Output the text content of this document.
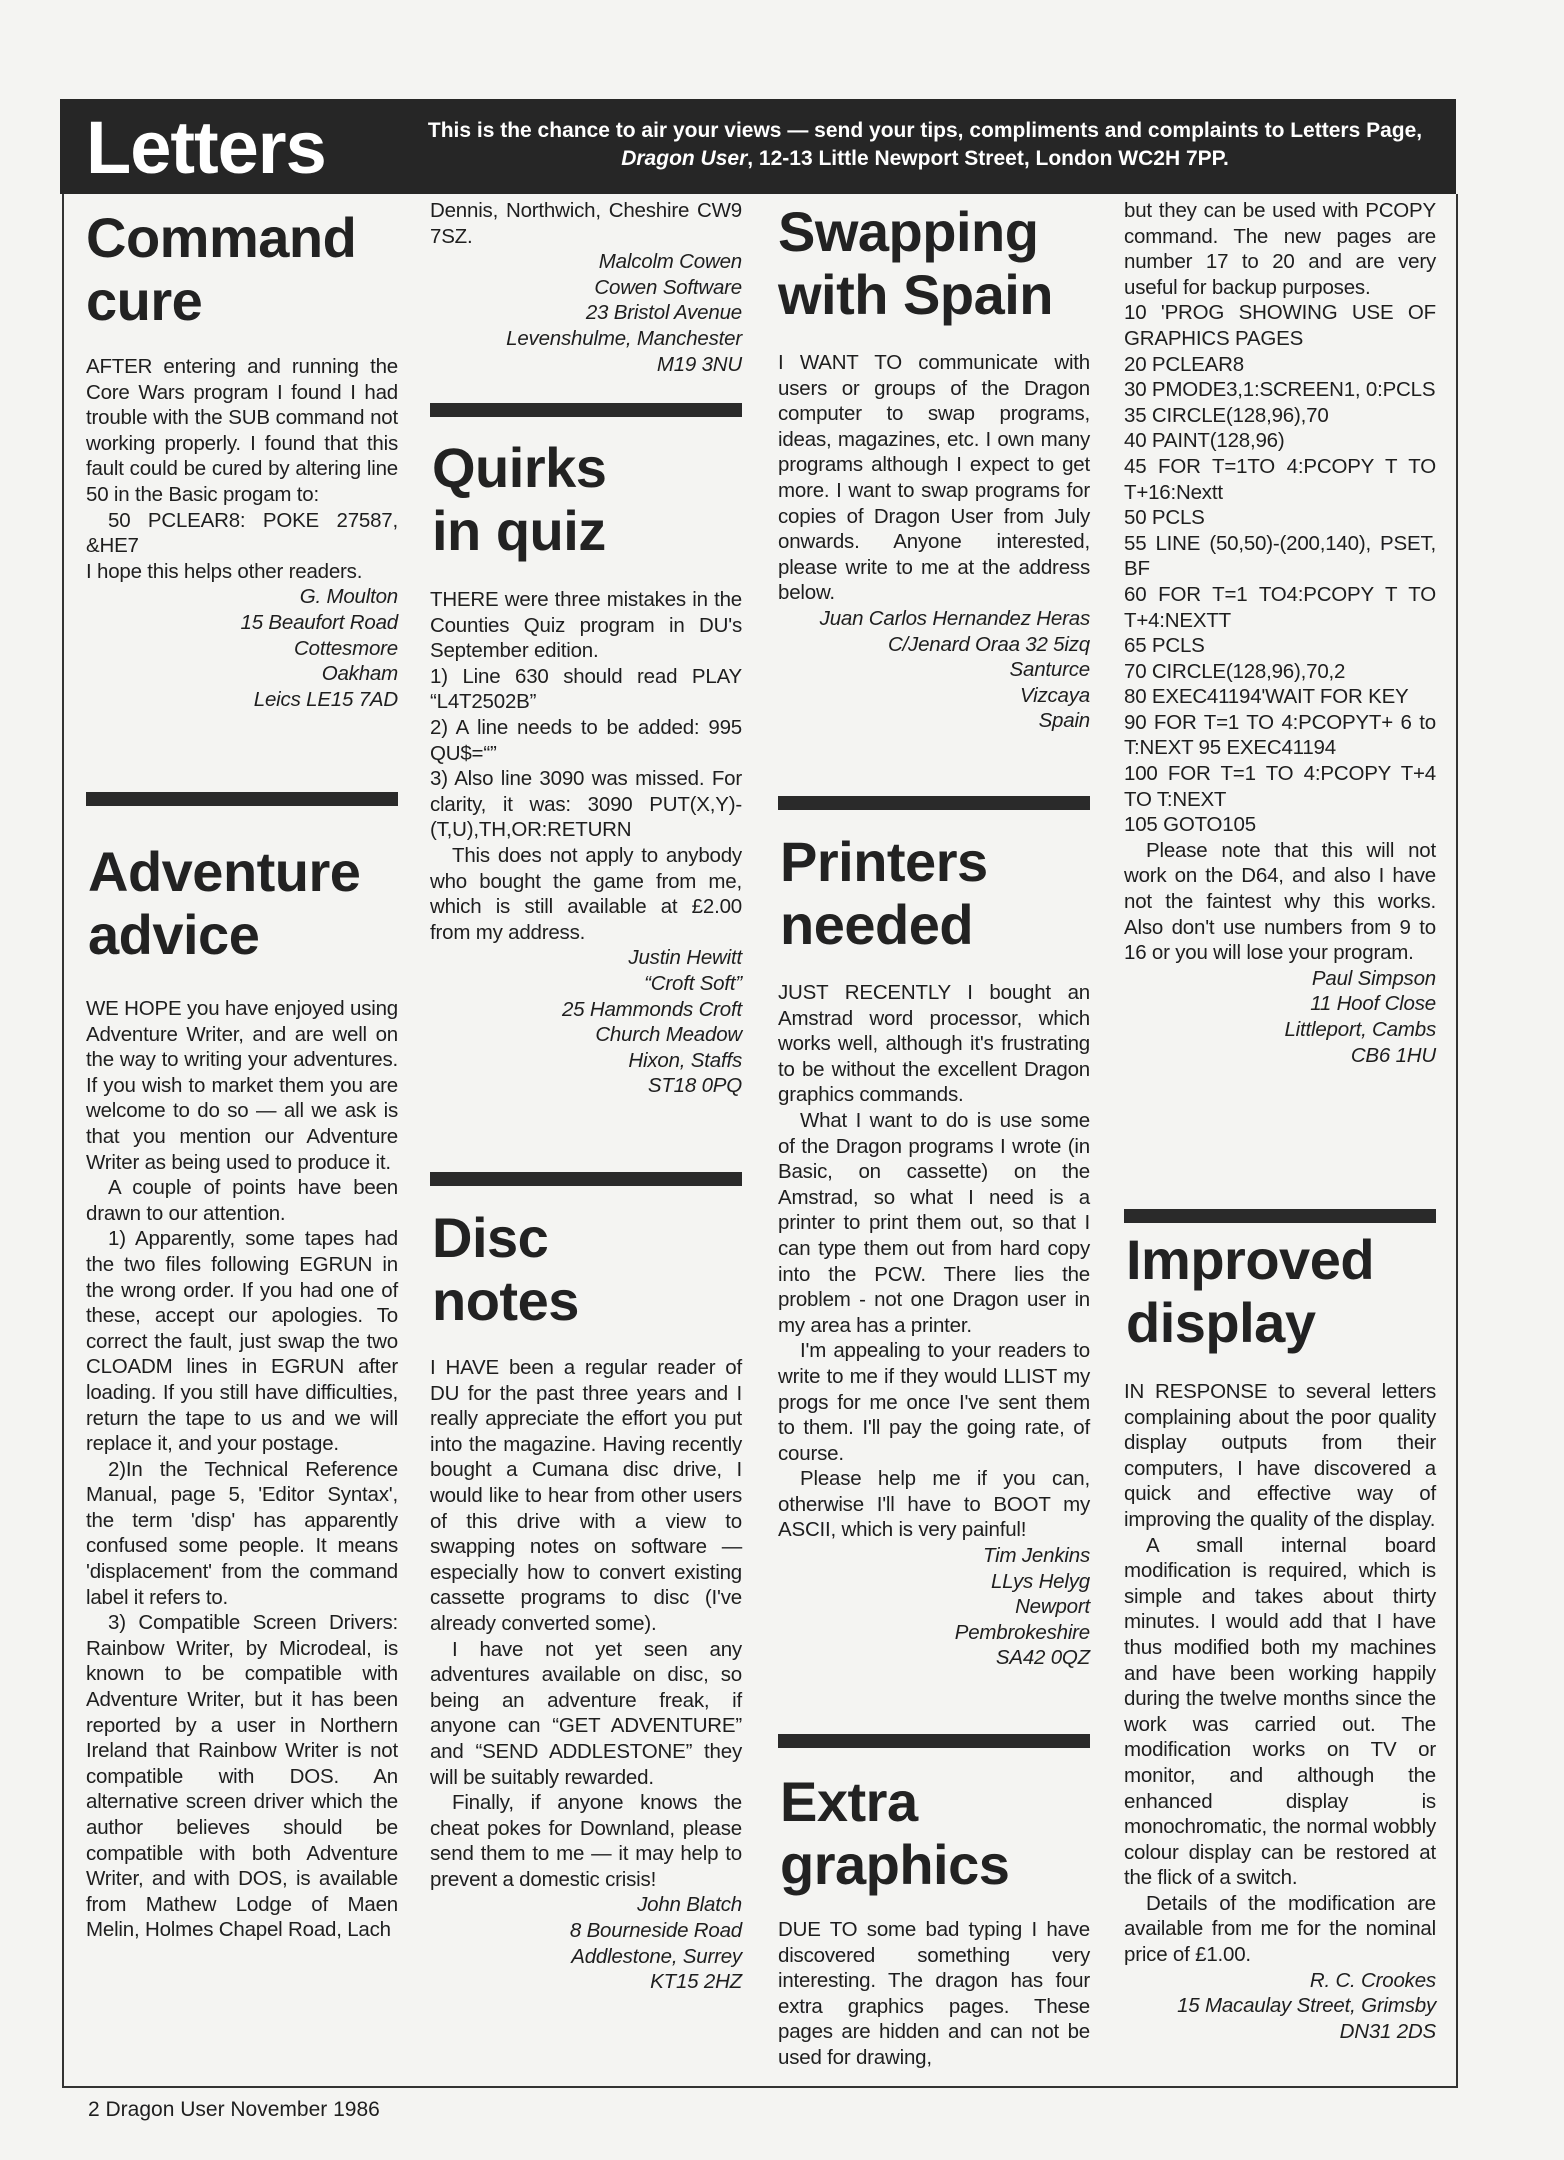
Letters	This is the chance to air your views — send your tips, compliments and complaints to Letters Page, Dragon User, 12-13 Little Newport Street, London WC2H 7PP.
Command
cure

AFTER entering and running the Core Wars program I found I had trouble with the SUB command not working properly. I found that this fault could be cured by altering line 50 in the Basic progam to:

50 PCLEAR8: POKE 27587, &HE7

I hope this helps other readers.

G. Moulton
15 Beaufort Road
Cottesmore
Oakham
Leics LE15 7AD
Adventure
advice

WE HOPE you have enjoyed using Adventure Writer, and are well on the way to writing your adventures. If you wish to market them you are welcome to do so — all we ask is that you mention our Adventure Writer as being used to produce it.

A couple of points have been drawn to our attention.

1) Apparently, some tapes had the two files following EGRUN in the wrong order. If you had one of these, accept our apologies. To correct the fault, just swap the two CLOADM lines in EGRUN after loading. If you still have difficulties, return the tape to us and we will replace it, and your postage.

2)In the Technical Reference Manual, page 5, 'Editor Syntax', the term 'disp' has apparently confused some people. It means 'displacement' from the command label it refers to.

3) Compatible Screen Drivers: Rainbow Writer, by Microdeal, is known to be compatible with Adventure Writer, but it has been reported by a user in Northern Ireland that Rainbow Writer is not compatible with DOS. An alternative screen driver which the author believes should be compatible with both Adventure Writer, and with DOS, is available from Mathew Lodge of Maen Melin, Holmes Chapel Road, Lach

Dennis, Northwich, Cheshire CW9 7SZ.

Malcolm Cowen
Cowen Software
23 Bristol Avenue
Levenshulme, Manchester
M19 3NU
Quirks
in quiz

THERE were three mistakes in the Counties Quiz program in DU's September edition.

1) Line 630 should read PLAY “L4T2502B”

2) A line needs to be added: 995 QU$=“”

3) Also line 3090 was missed. For clarity, it was: 3090 PUT(X,Y)-(T,U),TH,OR:RETURN

This does not apply to anybody who bought the game from me, which is still available at £2.00 from my address.

Justin Hewitt
“Croft Soft”
25 Hammonds Croft
Church Meadow
Hixon, Staffs
ST18 0PQ
Disc
notes

I HAVE been a regular reader of DU for the past three years and I really appreciate the effort you put into the magazine. Having recently bought a Cumana disc drive, I would like to hear from other users of this drive with a view to swapping notes on software — especially how to convert existing cassette programs to disc (I've already converted some).

I have not yet seen any adventures available on disc, so being an adventure freak, if anyone can “GET ADVENTURE” and “SEND ADDLESTONE” they will be suitably rewarded.

Finally, if anyone knows the cheat pokes for Downland, please send them to me — it may help to prevent a domestic crisis!

John Blatch
8 Bourneside Road
Addlestone, Surrey
KT15 2HZ
Swapping
with Spain

I WANT TO communicate with users or groups of the Dragon computer to swap programs, ideas, magazines, etc. I own many programs although I expect to get more. I want to swap programs for copies of Dragon User from July onwards. Anyone interested, please write to me at the address below.

Juan Carlos Hernandez Heras
C/Jenard Oraa 32 5izq
Santurce
Vizcaya
Spain
Printers
needed

JUST RECENTLY I bought an Amstrad word processor, which works well, although it's frustrating to be without the excellent Dragon graphics commands.

What I want to do is use some of the Dragon programs I wrote (in Basic, on cassette) on the Amstrad, so what I need is a printer to print them out, so that I can type them out from hard copy into the PCW. There lies the problem - not one Dragon user in my area has a printer.

I'm appealing to your readers to write to me if they would LLIST my progs for me once I've sent them to them. I'll pay the going rate, of course.

Please help me if you can, otherwise I'll have to BOOT my ASCII, which is very painful!

Tim Jenkins
LLys Helyg
Newport
Pembrokeshire
SA42 0QZ
Extra
graphics

DUE TO some bad typing I have discovered something very interesting. The dragon has four extra graphics pages. These pages are hidden and can not be used for drawing,

but they can be used with PCOPY command. The new pages are number 17 to 20 and are very useful for backup purposes.

10 'PROG SHOWING USE OF GRAPHICS PAGES

20 PCLEAR8

30 PMODE3,1:SCREEN1, 0:PCLS

35 CIRCLE(128,96),70

40 PAINT(128,96)

45 FOR T=1TO 4:PCOPY T TO T+16:Nextt

50 PCLS

55 LINE (50,50)-(200,140), PSET, BF

60 FOR T=1 TO4:PCOPY T TO T+4:NEXTT

65 PCLS

70 CIRCLE(128,96),70,2

80 EXEC41194'WAIT FOR KEY

90 FOR T=1 TO 4:PCOPYT+ 6 to T:NEXT 95 EXEC41194

100 FOR T=1 TO 4:PCOPY T+4 TO T:NEXT

105 GOTO105

Please note that this will not work on the D64, and also I have not the faintest why this works. Also don't use numbers from 9 to 16 or you will lose your program.

Paul Simpson
11 Hoof Close
Littleport, Cambs
CB6 1HU
Improved
display

IN RESPONSE to several letters complaining about the poor quality display outputs from their computers, I have discovered a quick and effective way of improving the quality of the display.

A small internal board modification is required, which is simple and takes about thirty minutes. I would add that I have thus modified both my machines and have been working happily during the twelve months since the work was carried out. The modification works on TV or monitor, and although the enhanced display is monochromatic, the normal wobbly colour display can be restored at the flick of a switch.

Details of the modification are available from me for the nominal price of £1.00.

R. C. Crookes
15 Macaulay Street, Grimsby
DN31 2DS
2 Dragon User November 1986
